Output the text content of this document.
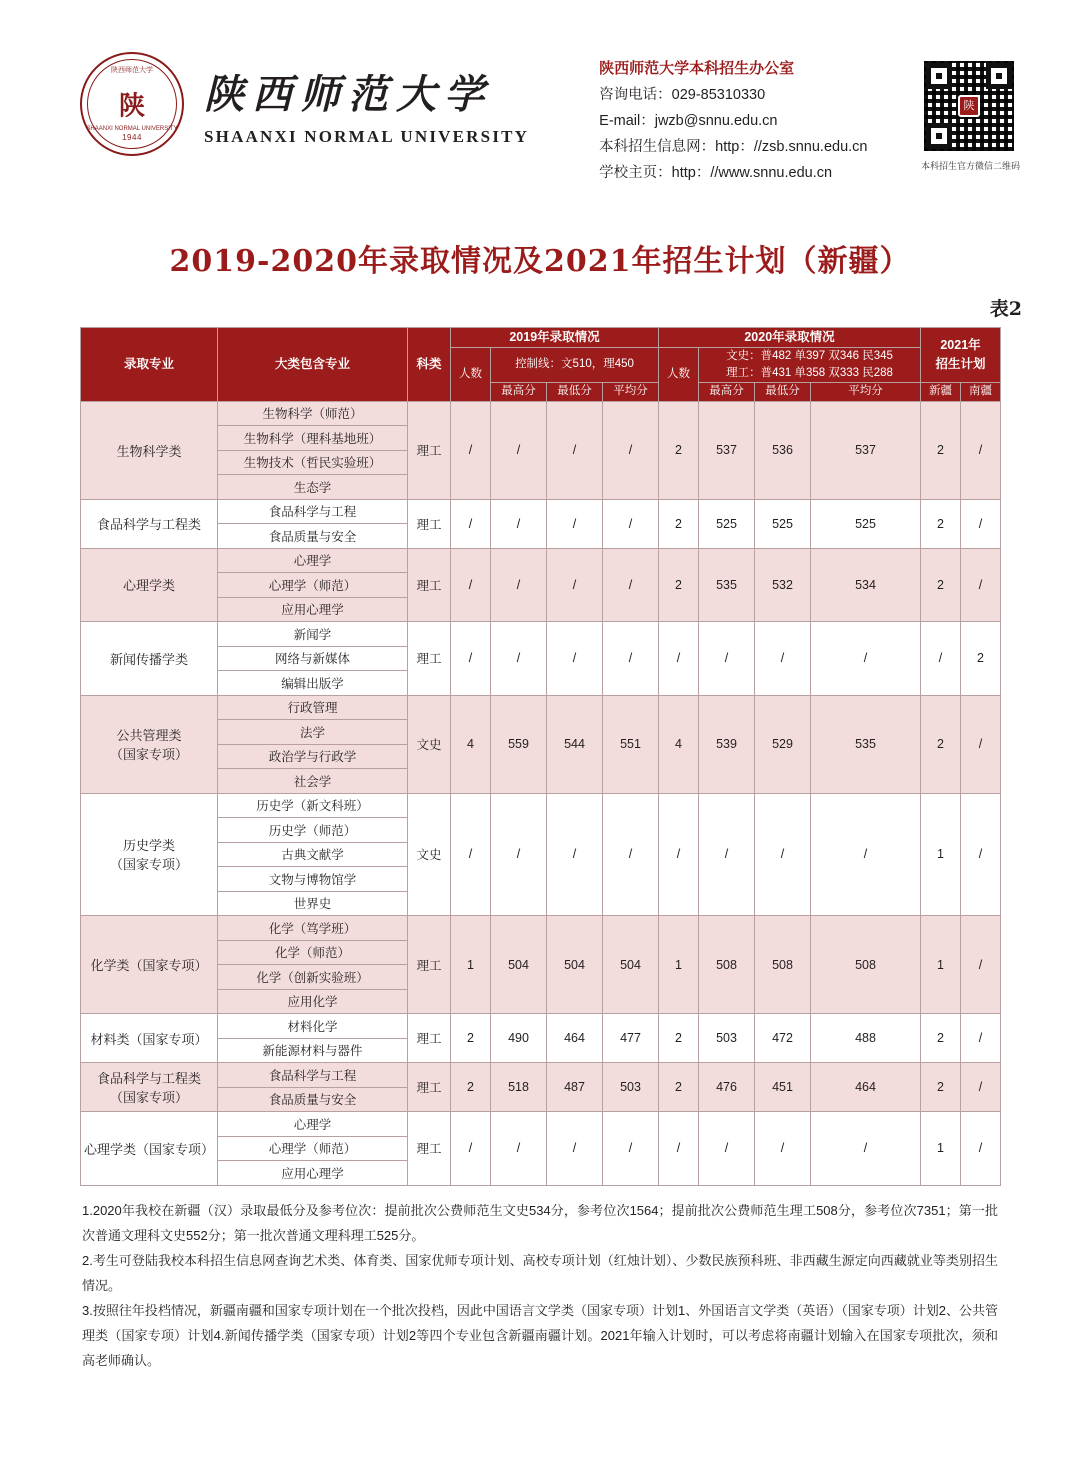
陕西师范大学
陕
1944
SHAANXI NORMAL UNIVERSITY
陕西师范大学
SHAANXI NORMAL UNIVERSITY
陕西师范大学本科招生办公室
咨询电话：029-85310330
E-mail：jwzb@snnu.edu.cn
本科招生信息网：http：//zsb.snnu.edu.cn
学校主页：http：//www.snnu.edu.cn
陕
本科招生官方微信二维码
2019-2020年录取情况及2021年招生计划（新疆）
表2
录取专业	大类包含专业	科类	2019年录取情况				2020年录取情况				2021年
招生计划	

			人数	控制线：文510，理450			人数	文史：普482 单397 双346 民345
理工：普431 单358 双333 民288				

				最高分	最低分	平均分		最高分	最低分	平均分	新疆	南疆
生物科学类	生物科学（师范）	理工	/	/	/	/	2	537	536	537	2	/
	生物科学（理科基地班）											
	生物技术（哲民实验班）											
	生态学											
食品科学与工程类	食品科学与工程	理工	/	/	/	/	2	525	525	525	2	/
	食品质量与安全											
心理学类	心理学	理工	/	/	/	/	2	535	532	534	2	/
	心理学（师范）											
	应用心理学											
新闻传播学类	新闻学	理工	/	/	/	/	/	/	/	/	/	2
	网络与新媒体											
	编辑出版学											
公共管理类
（国家专项）	行政管理	文史	4	559	544	551	4	539	529	535	2	/
	法学											
	政治学与行政学											
	社会学											
历史学类
（国家专项）	历史学（新文科班）	文史	/	/	/	/	/	/	/	/	1	/
	历史学（师范）											
	古典文献学											
	文物与博物馆学											
	世界史											
化学类（国家专项）	化学（笃学班）	理工	1	504	504	504	1	508	508	508	1	/
	化学（师范）											
	化学（创新实验班）											
	应用化学											
材料类（国家专项）	材料化学	理工	2	490	464	477	2	503	472	488	2	/
	新能源材料与器件											
食品科学与工程类
（国家专项）	食品科学与工程	理工	2	518	487	503	2	476	451	464	2	/
	食品质量与安全											
心理学类（国家专项）	心理学	理工	/	/	/	/	/	/	/	/	1	/
	心理学（师范）											
	应用心理学											

1.2020年我校在新疆（汉）录取最低分及参考位次：提前批次公费师范生文史534分，参考位次1564；提前批次公费师范生理工508分，参考位次7351；第一批次普通文理科文史552分；第一批次普通文理科理工525分。

2.考生可登陆我校本科招生信息网查询艺术类、体育类、国家优师专项计划、高校专项计划（红烛计划）、少数民族预科班、非西藏生源定向西藏就业等类别招生情况。

3.按照往年投档情况，新疆南疆和国家专项计划在一个批次投档，因此中国语言文学类（国家专项）计划1、外国语言文学类（英语）（国家专项）计划2、公共管理类（国家专项）计划4.新闻传播学类（国家专项）计划2等四个专业包含新疆南疆计划。2021年输入计划时，可以考虑将南疆计划输入在国家专项批次，须和高老师确认。
